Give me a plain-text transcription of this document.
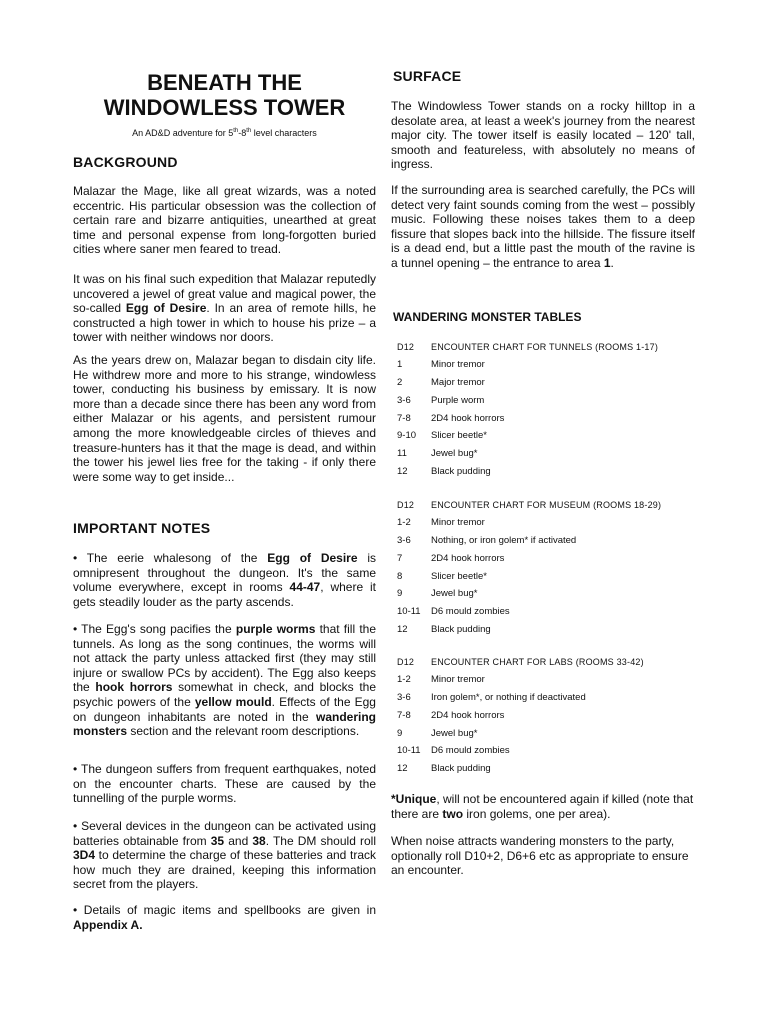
BENEATH THE WINDOWLESS TOWER
An AD&D adventure for 5th-8th level characters
BACKGROUND

Malazar the Mage, like all great wizards, was a noted eccentric. His particular obsession was the collection of certain rare and bizarre antiquities, unearthed at great time and personal expense from long-forgotten buried cities where saner men feared to tread.

It was on his final such expedition that Malazar reputedly uncovered a jewel of great value and magical power, the so-called Egg of Desire. In an area of remote hills, he constructed a high tower in which to house his prize – a tower with neither windows nor doors.

As the years drew on, Malazar began to disdain city life. He withdrew more and more to his strange, windowless tower, conducting his business by emissary. It is now more than a decade since there has been any word from either Malazar or his agents, and persistent rumour among the more knowledgeable circles of thieves and treasure-hunters has it that the mage is dead, and within the tower his jewel lies free for the taking - if only there were some way to get inside...

IMPORTANT NOTES

• The eerie whalesong of the Egg of Desire is omnipresent throughout the dungeon. It's the same volume everywhere, except in rooms 44-47, where it gets steadily louder as the party ascends.

• The Egg's song pacifies the purple worms that fill the tunnels. As long as the song continues, the worms will not attack the party unless attacked first (they may still injure or swallow PCs by accident). The Egg also keeps the hook horrors somewhat in check, and blocks the psychic powers of the yellow mould. Effects of the Egg on dungeon inhabitants are noted in the wandering monsters section and the relevant room descriptions.

• The dungeon suffers from frequent earthquakes, noted on the encounter charts. These are caused by the tunnelling of the purple worms.

• Several devices in the dungeon can be activated using batteries obtainable from 35 and 38. The DM should roll 3D4 to determine the charge of these batteries and track how much they are drained, keeping this information secret from the players.

• Details of magic items and spellbooks are given in Appendix A.

SURFACE

The Windowless Tower stands on a rocky hilltop in a desolate area, at least a week's journey from the nearest major city. The tower itself is easily located – 120' tall, smooth and featureless, with absolutely no means of ingress.

If the surrounding area is searched carefully, the PCs will detect very faint sounds coming from the west – possibly music. Following these noises takes them to a deep fissure that slopes back into the hillside. The fissure itself is a dead end, but a little past the mouth of the ravine is a tunnel opening – the entrance to area 1.

WANDERING MONSTER TABLES
D12	ENCOUNTER CHART FOR TUNNELS (ROOMS 1-17)
1	Minor tremor
2	Major tremor
3-6	Purple worm
7-8	2D4 hook horrors
9-10	Slicer beetle*
11	Jewel bug*
12	Black pudding
D12	ENCOUNTER CHART FOR MUSEUM (ROOMS 18-29)
1-2	Minor tremor
3-6	Nothing, or iron golem* if activated
7	2D4 hook horrors
8	Slicer beetle*
9	Jewel bug*
10-11	D6 mould zombies
12	Black pudding
D12	ENCOUNTER CHART FOR LABS (ROOMS 33-42)
1-2	Minor tremor
3-6	Iron golem*, or nothing if deactivated
7-8	2D4 hook horrors
9	Jewel bug*
10-11	D6 mould zombies
12	Black pudding

*Unique, will not be encountered again if killed (note that there are two iron golems, one per area).

When noise attracts wandering monsters to the party, optionally roll D10+2, D6+6 etc as appropriate to ensure an encounter.
